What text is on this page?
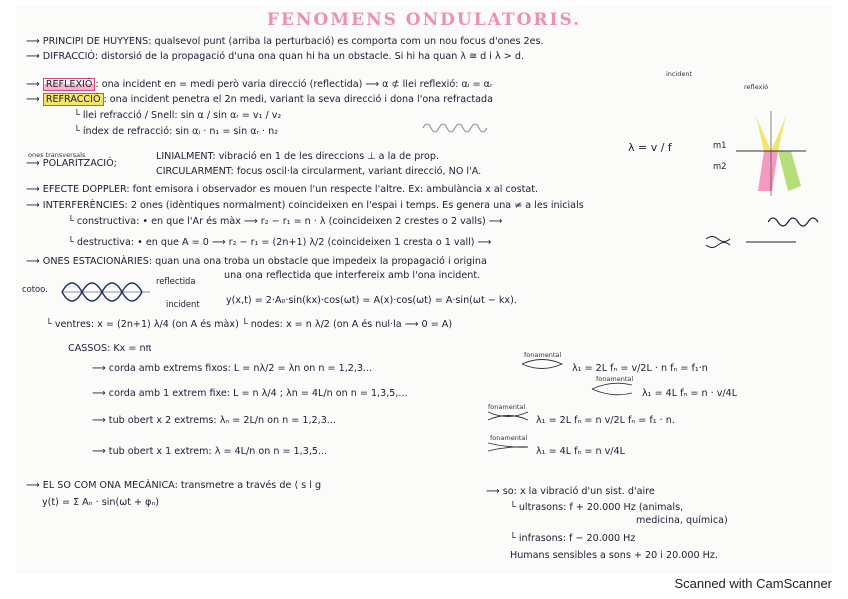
FENOMENS ONDULATORIS.
⟶ PRINCIPI DE HUYYENS: qualsevol punt (arriba la perturbació) es comporta com un nou focus d'ones 2es.
⟶ DIFRACCIÓ: distorsió de la propagació d'una ona quan hi ha un obstacle. Si hi ha quan λ ≅ d i λ > d.
⟶ REFLEXIÓ : ona incident en = medi però varia direcció (reflectida) ⟶ α ⊄ llei reflexió: αᵢ = αᵣ
incident
reflexió
⟶ REFRACCIÓ : ona incident penetra el 2n medi, variant la seva direcció i dona l'ona refractada
└ llei refracció / Snell: sin α / sin αᵣ = v₁ / v₂
└ índex de refracció: sin αᵢ · n₁ = sin αᵣ · n₂
ones transversals
⟶ POLARITZACIÓ;
LINIALMENT: vibració en 1 de les direccions ⊥ a la de prop.
CIRCULARMENT: focus oscil·la circularment, variant direcció, NO l'A.
λ = v / f	m1
m2
⟶ EFECTE DOPPLER: font emisora i observador es mouen l'un respecte l'altre. Ex: ambulància x al costat.
⟶ INTERFERÈNCIES: 2 ones (idèntiques normalment) coincideixen en l'espai i temps. Es genera una ≠ a les inicials
└ constructiva: • en que l'Ar és màx ⟶ r₂ − r₁ = n · λ (coincideixen 2 crestes o 2 valls) ⟶
└ destructiva: • en que A = 0 ⟶ r₂ − r₁ = (2n+1) λ/2 (coincideixen 1 cresta o 1 vall) ⟶
⟶ ONES ESTACIONÀRIES: quan una ona troba un obstacle que impedeix la propagació i origina
una ona reflectida que interfereix amb l'ona incident.
cotoo.
reflectida
incident	y(x,t) = 2·A₀·sin(kx)·cos(ωt) = A(x)·cos(ωt) = A·sin(ωt − kx).
└ ventres: x = (2n+1) λ/4 (on A és màx) └ nodes: x = n λ/2 (on A és nul·la ⟶ 0 = A)
CASSOS: Kx = nπ
⟶ corda amb extrems fixos: L = nλ/2 = λn on n = 1,2,3...
fonamental
λ₁ = 2L fₙ = v/2L · n fₙ = f₁·n
⟶ corda amb 1 extrem fixe: L = n λ/4 ; λn = 4L/n on n = 1,3,5,...
fonamental
λ₁ = 4L fₙ = n · v/4L
⟶ tub obert x 2 extrems: λₙ = 2L/n on n = 1,2,3...
fonamental
λ₁ = 2L fₙ = n v/2L fₙ = f₁ · n.
⟶ tub obert x 1 extrem: λ = 4L/n on n = 1,3,5...
fonamental
λ₁ = 4L fₙ = n v/4L
⟶ EL SO COM ONA MECÀNICA: transmetre a través de ⟨ s l g
y(t) = Σ Aₙ · sin(ωt + φₙ)
⟶ so: x la vibració d'un sist. d'aire
└ ultrasons: f + 20.000 Hz (animals,
medicina, química)
└ infrasons: f − 20.000 Hz
Humans sensibles a sons + 20 i 20.000 Hz.
Scanned with CamScanner
